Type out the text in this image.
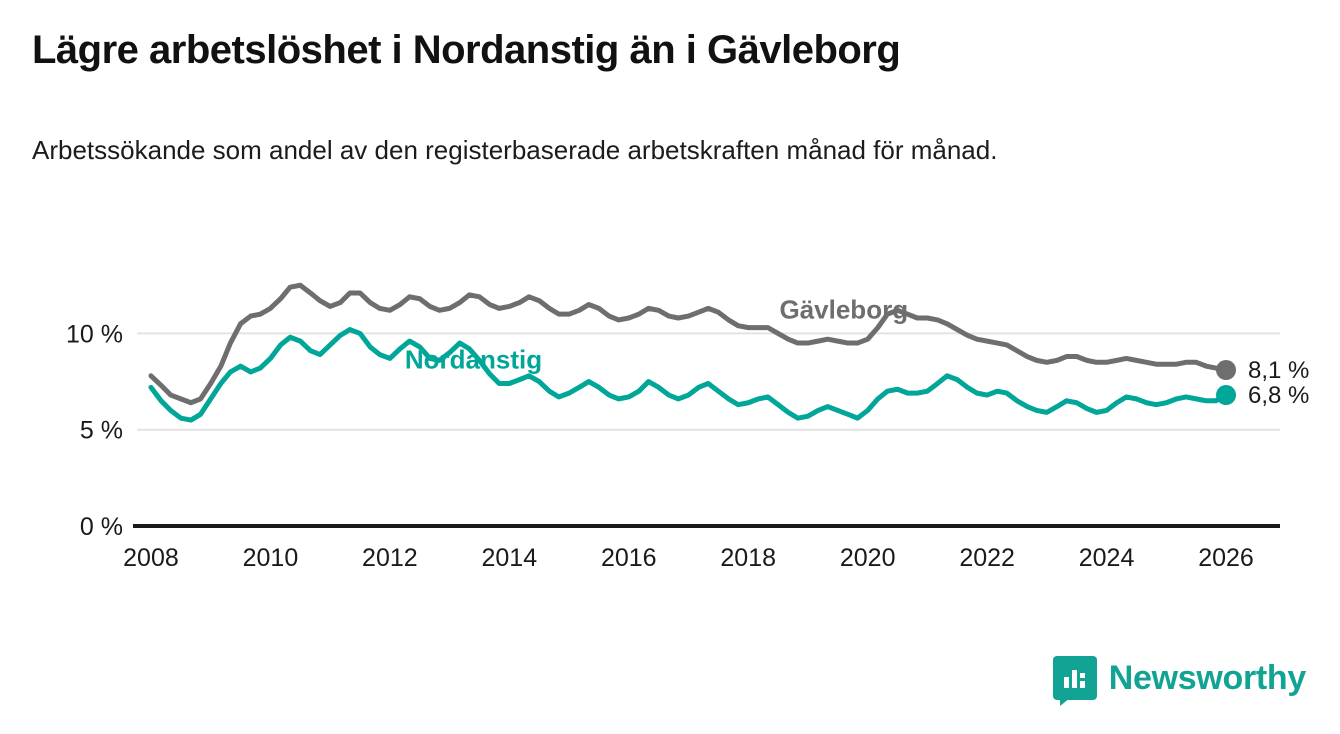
Lägre arbetslöshet i Nordanstig än i Gävleborg
Arbetssökande som andel av den registerbaserade arbetskraften månad för månad.
0 %
5 %
10 %
2008	2010	2012	2014	2016	2018	2020	2022	2024	2026
Gävleborg
Nordanstig	8,1 %
6,8 %
Newsworthy
